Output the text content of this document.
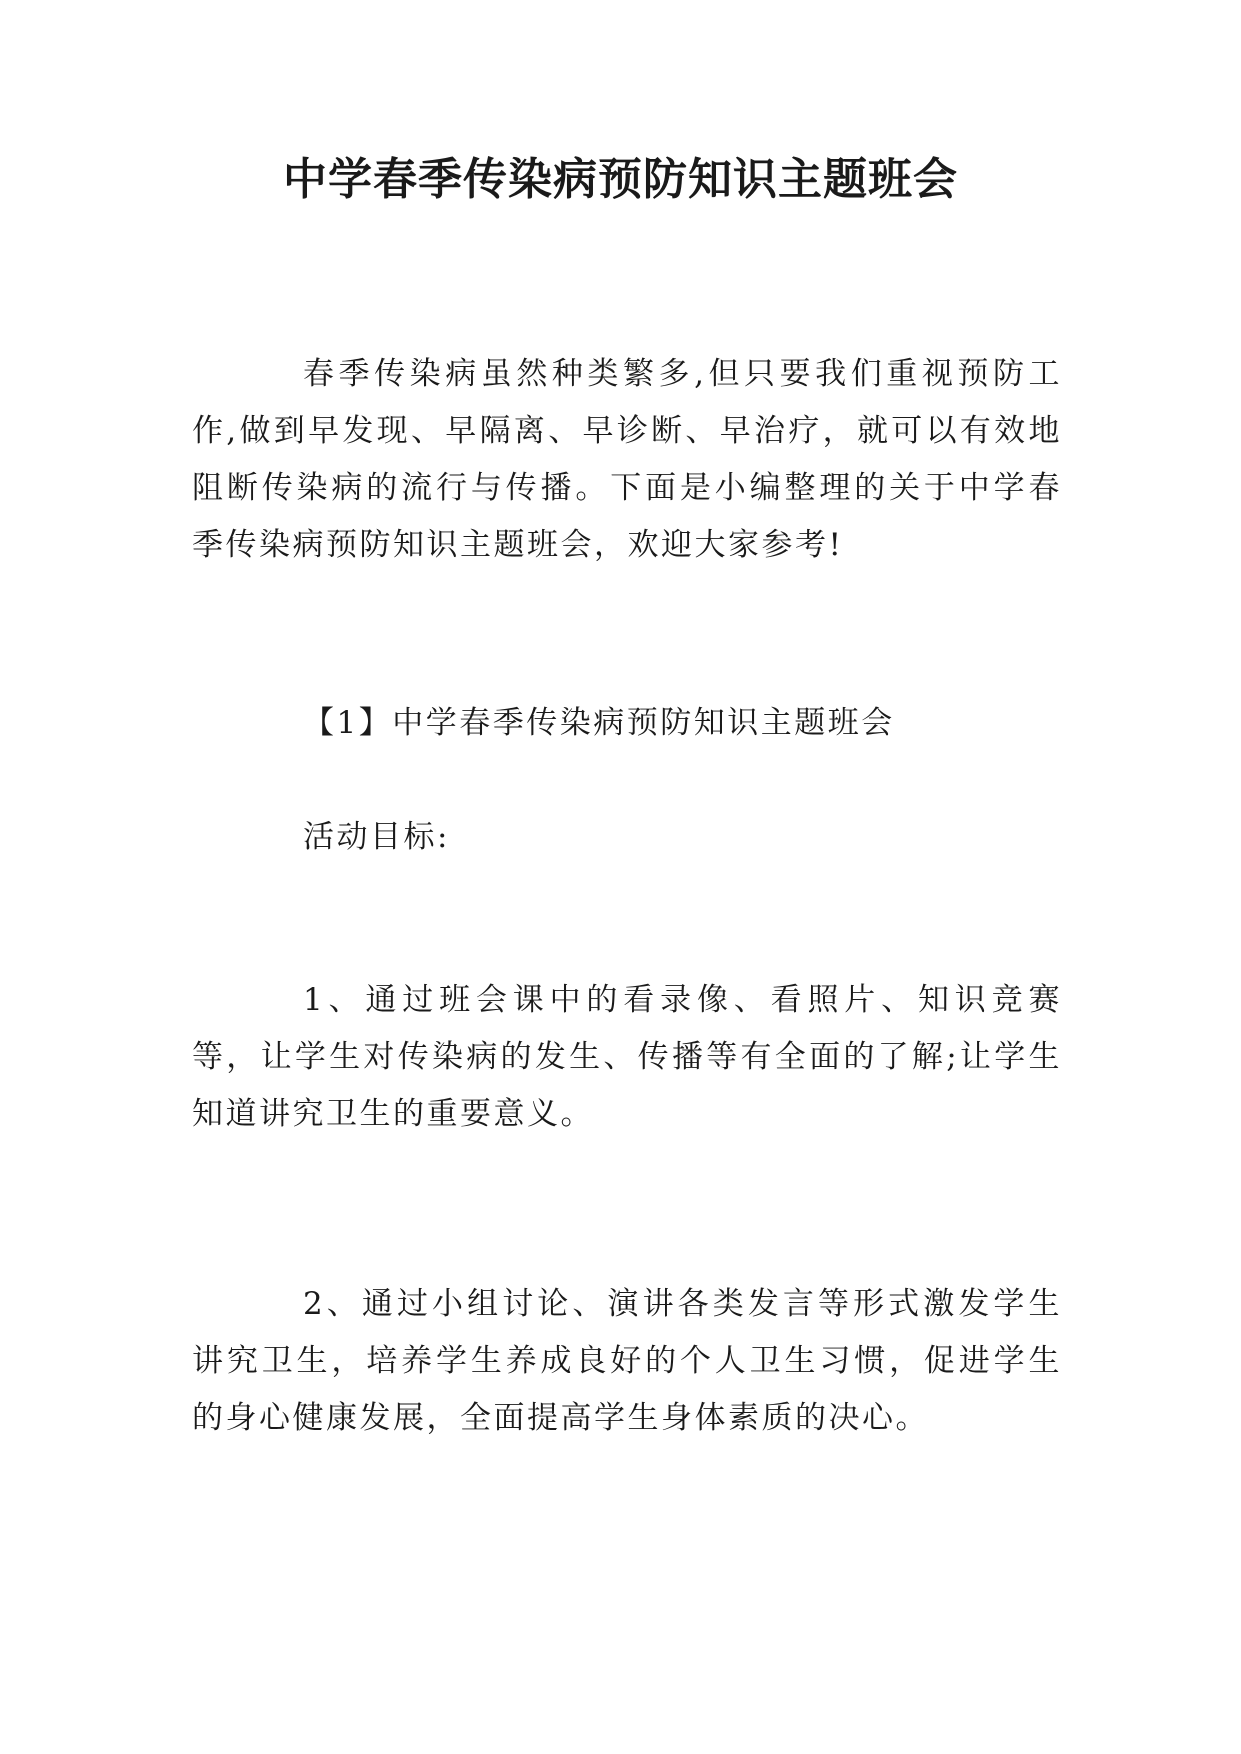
中学春季传染病预防知识主题班会

春季传染病虽然种类繁多,但只要我们重视预防工作,做到早发现、早隔离、早诊断、早治疗，就可以有效地阻断传染病的流行与传播。下面是小编整理的关于中学春季传染病预防知识主题班会，欢迎大家参考!

【1】中学春季传染病预防知识主题班会

活动目标:

1、通过班会课中的看录像、看照片、知识竞赛等，让学生对传染病的发生、传播等有全面的了解;让学生知道讲究卫生的重要意义。

2、通过小组讨论、演讲各类发言等形式激发学生讲究卫生，培养学生养成良好的个人卫生习惯，促进学生的身心健康发展，全面提高学生身体素质的决心。
